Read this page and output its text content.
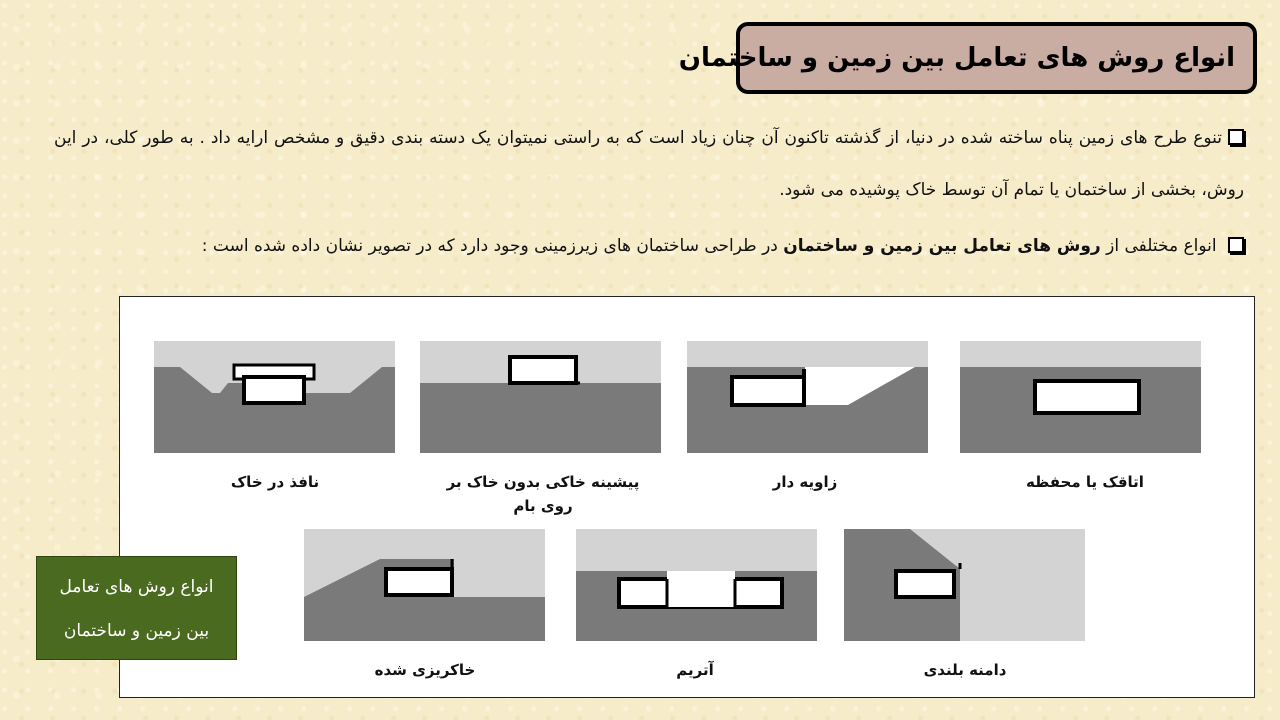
انواع روش های تعامل بین زمین و ساختمان
تنوع طرح های زمین پناه ساخته شده در دنیا، از گذشته تاکنون آن چنان زیاد است که به راستی نمیتوان یک دسته بندی دقیق و مشخص ارایه داد . به طور کلی، در این روش، بخشی از ساختمان یا تمام آن توسط خاک پوشیده می شود.
انواع مختلفی از روش های تعامل بین زمین و ساختمان در طراحی ساختمان های زیرزمینی وجود دارد که در تصویر نشان داده شده است :
نافذ در خاک	پیشینه خاکی بدون خاک بر روی بام
زاویه دار	اتاقک یا محفظه
خاکریزی شده	آتریم	دامنه بلندی
انواع روش های تعامل
بین زمین و ساختمان
